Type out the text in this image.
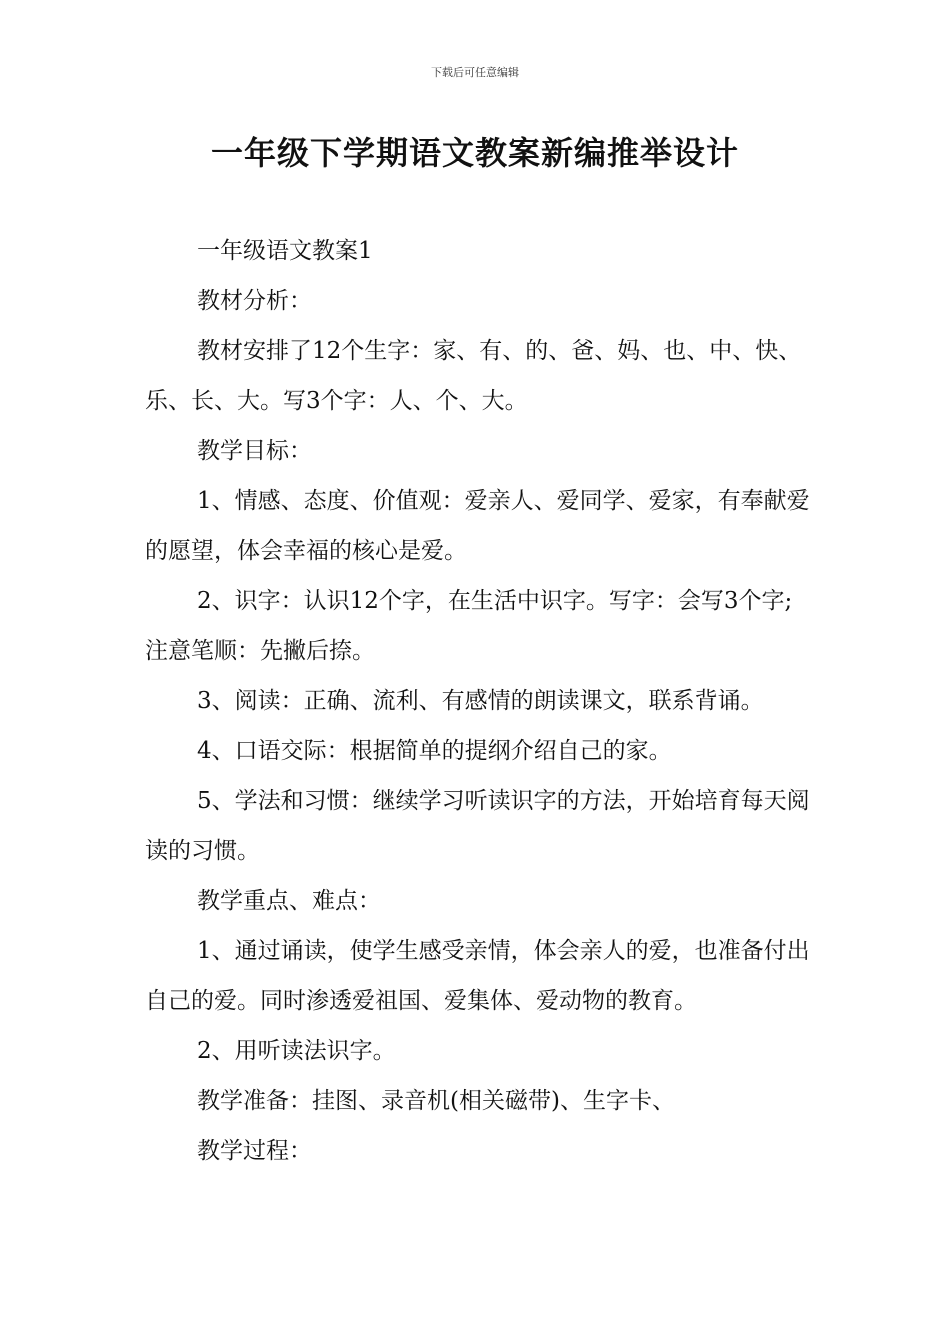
下载后可任意编辑
一年级下学期语文教案新编推举设计

一年级语文教案1

教材分析：

教材安排了12个生字：家、有、的、爸、妈、也、中、快、乐、长、大。写3个字：人、个、大。

教学目标：

1、情感、态度、价值观：爱亲人、爱同学、爱家，有奉献爱的愿望，体会幸福的核心是爱。

2、识字：认识12个字，在生活中识字。写字：会写3个字;注意笔顺：先撇后捺。

3、阅读：正确、流利、有感情的朗读课文，联系背诵。

4、口语交际：根据简单的提纲介绍自己的家。

5、学法和习惯：继续学习听读识字的方法，开始培育每天阅读的习惯。

教学重点、难点：

1、通过诵读，使学生感受亲情，体会亲人的爱，也准备付出自己的爱。同时渗透爱祖国、爱集体、爱动物的教育。

2、用听读法识字。

教学准备：挂图、录音机(相关磁带)、生字卡、

教学过程：
